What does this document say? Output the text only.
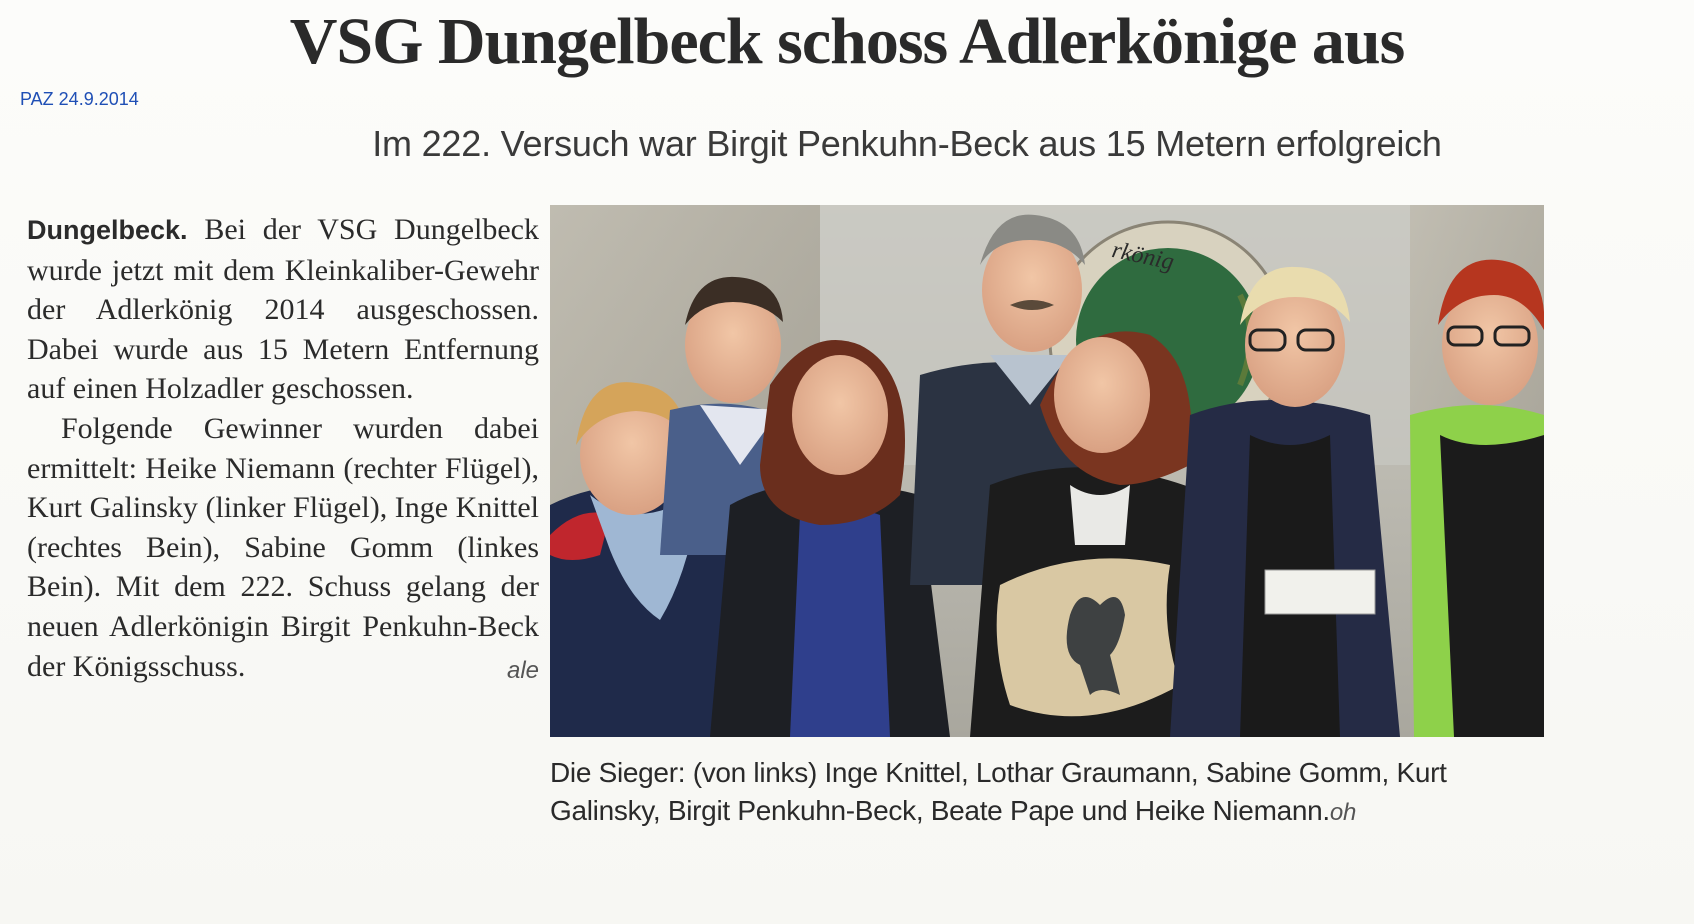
VSG Dungelbeck schoss Adlerkönige aus
PAZ 24.9.2014
Im 222. Versuch war Birgit Penkuhn-Beck aus 15 Metern erfolgreich

Dungelbeck. Bei der VSG Dungelbeck wurde jetzt mit dem Kleinkaliber-Gewehr der Adlerkönig 2014 ausgeschossen. Dabei wurde aus 15 Metern Entfernung auf einen Holzadler geschossen.

Folgende Gewinner wurden dabei ermittelt: Heike Niemann (rechter Flügel), Kurt Galinsky (linker Flügel), Inge Knittel (rechtes Bein), Sabine Gomm (linkes Bein). Mit dem 222. Schuss gelang der neuen Adlerkönigin Birgit Penkuhn-Beck der Königsschuss.	ale

rkönig
Die Sieger: (von links) Inge Knittel, Lothar Graumann, Sabine Gomm, Kurt Galinsky, Birgit Penkuhn-Beck, Beate Pape und Heike Niemann.oh
